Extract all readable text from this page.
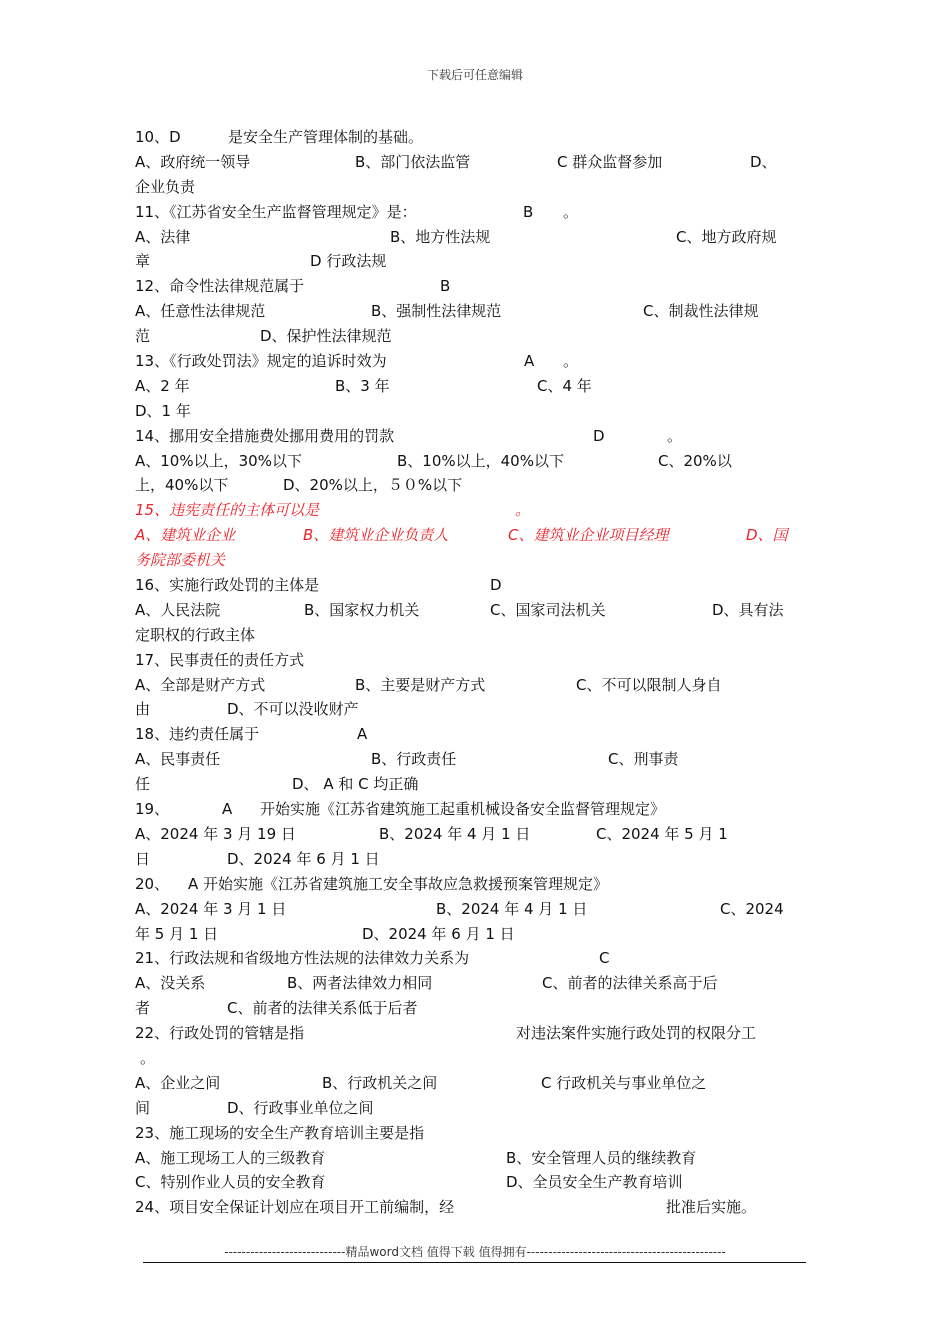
下载后可任意编辑
10、D	是安全生产管理体制的基础。
A、政府统一领导	B、部门依法监管	C 群众监督参加	D、
企业负责
11、《江苏省安全生产监督管理规定》是：	B 。
A、法律	B、地方性法规	C、地方政府规
章	D 行政法规
12、命令性法律规范属于	B
A、任意性法律规范	B、强制性法律规范	C、制裁性法律规
范	D、保护性法律规范
13、《行政处罚法》规定的追诉时效为	A 。
A、2 年	B、3 年	C、4 年
D、1 年
14、挪用安全措施费处挪用费用的罚款	D	。
A、10%以上，30%以下	B、10%以上，40%以下	C、20%以
上，40%以下	D、20%以上，５０%以下
15、违宪责任的主体可以是	。
A、建筑业企业	B、建筑业企业负责人	C、建筑业企业项目经理	D、国
务院部委机关
16、实施行政处罚的主体是	D
A、人民法院	B、国家权力机关	C、国家司法机关	D、具有法
定职权的行政主体
17、民事责任的责任方式
A、全部是财产方式	B、主要是财产方式	C、不可以限制人身自
由	D、不可以没收财产
18、违约责任属于	A
A、民事责任	B、行政责任	C、刑事责
任	D、 A 和 C 均正确
19、	A 开始实施《江苏省建筑施工起重机械设备安全监督管理规定》
A、2024 年 3 月 19 日	B、2024 年 4 月 1 日	C、2024 年 5 月 1
日	D、2024 年 6 月 1 日
20、 A 开始实施《江苏省建筑施工安全事故应急救援预案管理规定》
A、2024 年 3 月 1 日	B、2024 年 4 月 1 日	C、2024
年 5 月 1 日	D、2024 年 6 月 1 日
21、行政法规和省级地方性法规的法律效力关系为	C
A、没关系	B、两者法律效力相同	C、前者的法律关系高于后
者	C、前者的法律关系低于后者
22、行政处罚的管辖是指	对违法案件实施行政处罚的权限分工
。
A、企业之间	B、行政机关之间	C 行政机关与事业单位之
间	D、行政事业单位之间
23、施工现场的安全生产教育培训主要是指
A、施工现场工人的三级教育	B、安全管理人员的继续教育
C、特别作业人员的安全教育	D、全员安全生产教育培训
24、项目安全保证计划应在项目开工前编制，经	批准后实施。
----------------------------精品word文档 值得下载 值得拥有----------------------------------------------
